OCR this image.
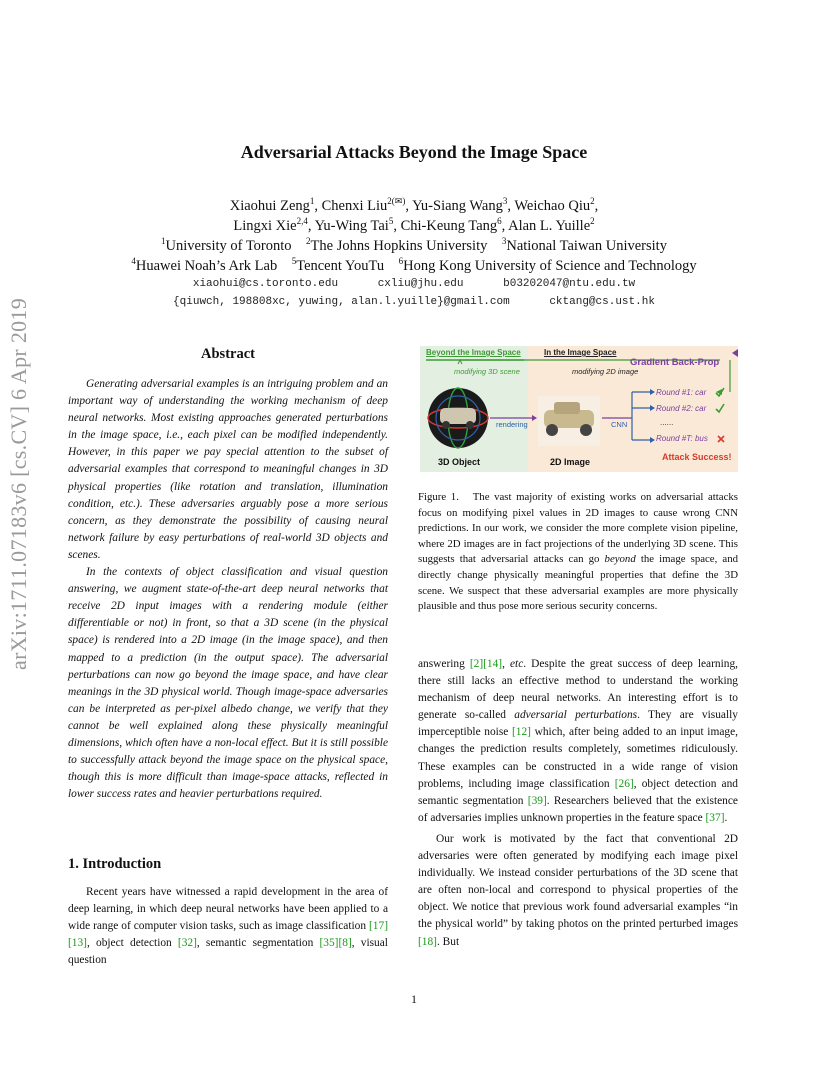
arXiv:1711.07183v6 [cs.CV] 6 Apr 2019
Adversarial Attacks Beyond the Image Space
Xiaohui Zeng$^1$, Chenxi Liu$^{2(✉)}$, Yu-Siang Wang$^3$, Weichao Qiu$^2$,
Lingxi Xie$^{2,4}$, Yu-Wing Tai$^5$, Chi-Keung Tang$^6$, Alan L. Yuille$^2$
$^1$University of Toronto $^2$The Johns Hopkins University $^3$National Taiwan University
$^4$Huawei Noah’s Ark Lab $^5$Tencent YouTu $^6$Hong Kong University of Science and Technology
xiaohui@cs.toronto.edu	cxliu@jhu.edu	b03202047@ntu.edu.tw
{qiuwch, 198808xc, yuwing, alan.l.yuille}@gmail.com	cktang@cs.ust.hk
Abstract

Generating adversarial examples is an intriguing problem and an important way of understanding the working mechanism of deep neural networks. Most existing approaches generated perturbations in the image space, i.e., each pixel can be modified independently. However, in this paper we pay special attention to the subset of adversarial examples that correspond to meaningful changes in 3D physical properties (like rotation and translation, illumination condition, etc.). These adversaries arguably pose a more serious concern, as they demonstrate the possibility of causing neural network failure by easy perturbations of real-world 3D objects and scenes.

In the contexts of object classification and visual question answering, we augment state-of-the-art deep neural networks that receive 2D input images with a rendering module (either differentiable or not) in front, so that a 3D scene (in the physical space) is rendered into a 2D image (in the image space), and then mapped to a prediction (in the output space). The adversarial perturbations can now go beyond the image space, and have clear meanings in the 3D physical world. Though image-space adversaries can be interpreted as per-pixel albedo change, we verify that they cannot be well explained along these physically meaningful dimensions, which often have a non-local effect. But it is still possible to successfully attack beyond the image space on the physical space, though this is more difficult than image-space attacks, reflected in lower success rates and heavier perturbations required.

1. Introduction

Recent years have witnessed a rapid development in the area of deep learning, in which deep neural networks have been applied to a wide range of computer vision tasks, such as image classification [17][13], object detection [32], semantic segmentation [35][8], visual question

Beyond the Image Space	In the Image Space
Gradient Back-Prop
modifying 3D scene	modifying 2D image
rendering	CNN
3D Object	2D Image
Round #1: car
Round #2: car
......
Round #T: bus
Attack Success!
Figure 1. The vast majority of existing works on adversarial attacks focus on modifying pixel values in 2D images to cause wrong CNN predictions. In our work, we consider the more complete vision pipeline, where 2D images are in fact projections of the underlying 3D scene. This suggests that adversarial attacks can go beyond the image space, and directly change physically meaningful properties that define the 3D scene. We suspect that these adversarial examples are more physically plausible and thus pose more serious security concerns.

answering [2][14], etc. Despite the great success of deep learning, there still lacks an effective method to understand the working mechanism of deep neural networks. An interesting effort is to generate so-called adversarial perturbations. They are visually imperceptible noise [12] which, after being added to an input image, changes the prediction results completely, sometimes ridiculously. These examples can be constructed in a wide range of vision problems, including image classification [26], object detection and semantic segmentation [39]. Researchers believed that the existence of adversaries implies unknown properties in the feature space [37].

Our work is motivated by the fact that conventional 2D adversaries were often generated by modifying each image pixel individually. We instead consider perturbations of the 3D scene that are often non-local and correspond to physical properties of the object. We notice that previous work found adversarial examples “in the physical world” by taking photos on the printed perturbed images [18]. But

1
